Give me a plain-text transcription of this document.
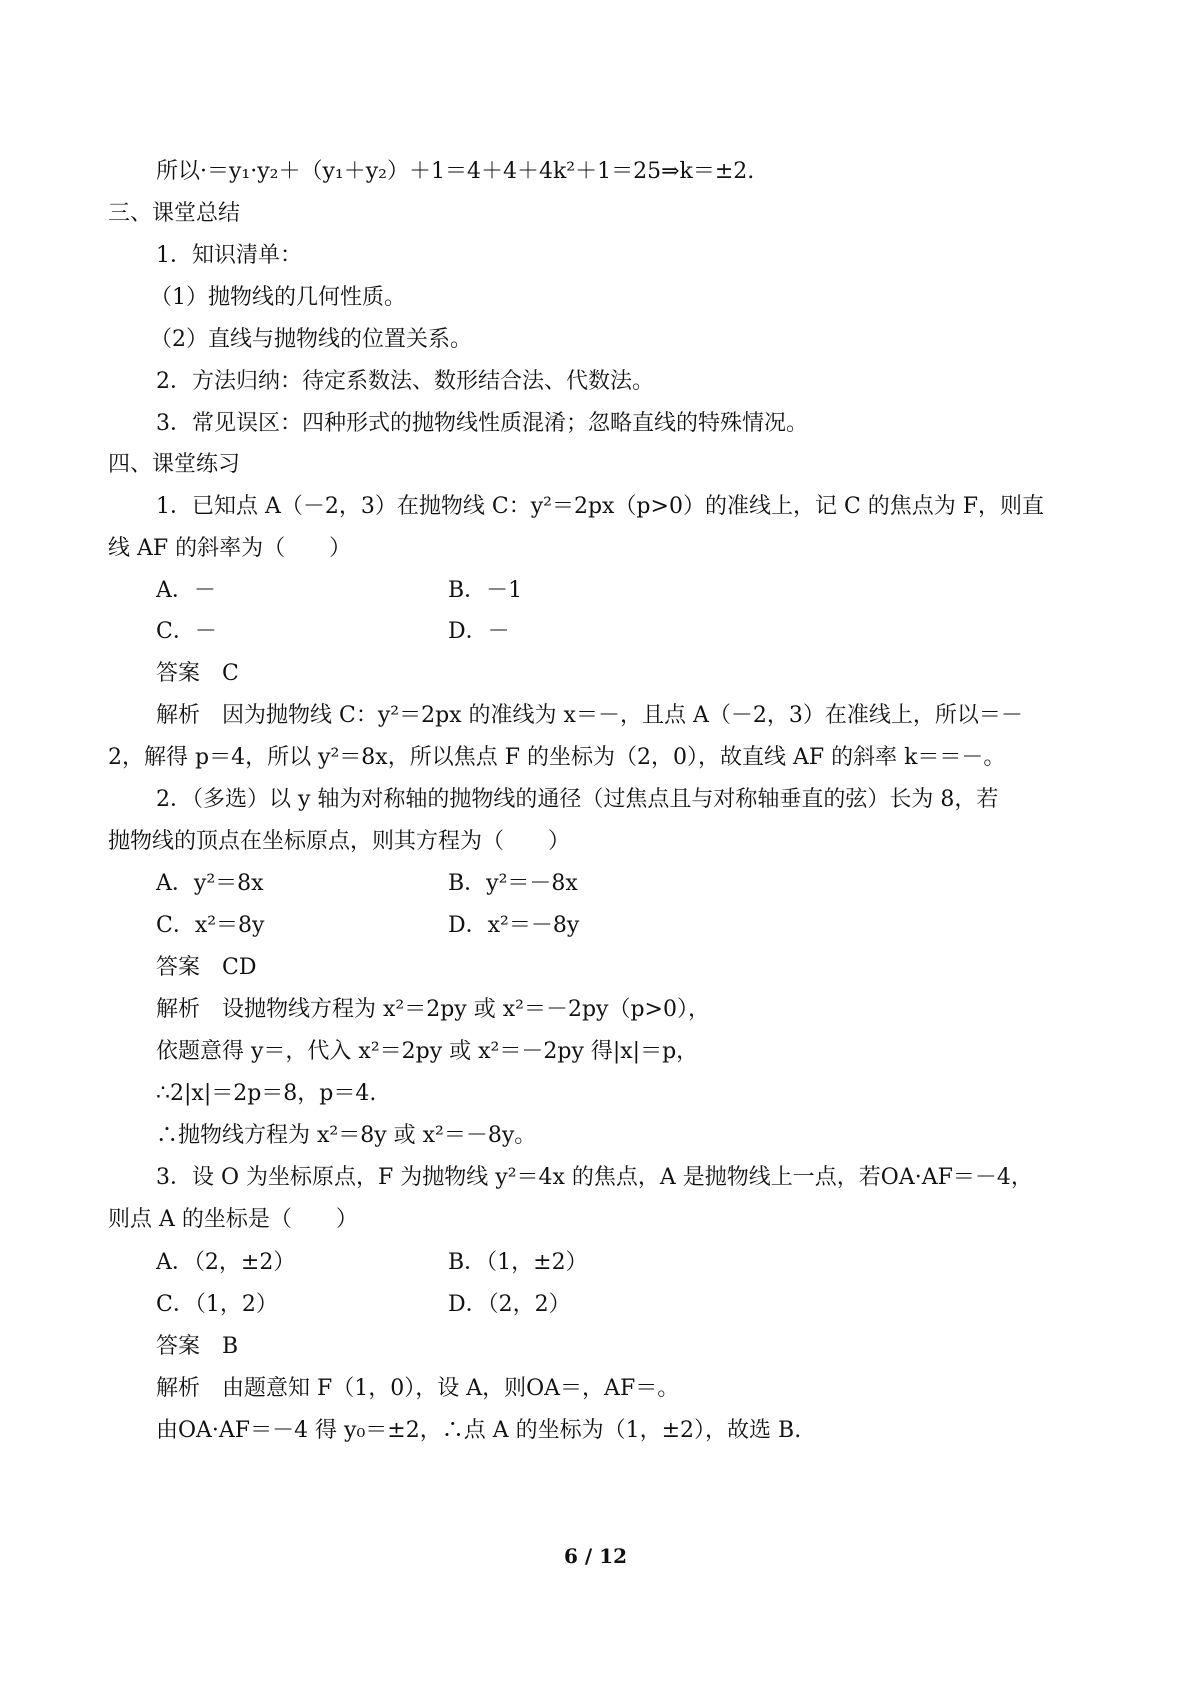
所以·＝y₁·y₂＋（y₁＋y₂）＋1＝4＋4＋4k²＋1＝25⇒k＝±2.
三、课堂总结
1．知识清单：
（1）抛物线的几何性质。
（2）直线与抛物线的位置关系。
2．方法归纳：待定系数法、数形结合法、代数法。
3．常见误区：四种形式的抛物线性质混淆；忽略直线的特殊情况。
四、课堂练习
1．已知点 A（－2，3）在抛物线 C：y²＝2px（p>0）的准线上，记 C 的焦点为 F，则直
线 AF 的斜率为（　　）
A．－	B．－1
C．－	D．－
答案　C
解析　因为抛物线 C：y²＝2px 的准线为 x＝－，且点 A（－2，3）在准线上，所以＝－
2，解得 p＝4，所以 y²＝8x，所以焦点 F 的坐标为（2，0），故直线 AF 的斜率 k＝＝－。
2．（多选）以 y 轴为对称轴的抛物线的通径（过焦点且与对称轴垂直的弦）长为 8，若
抛物线的顶点在坐标原点，则其方程为（　　）
A．y²＝8x	B．y²＝－8x
C．x²＝8y	D．x²＝－8y
答案　CD
解析　设抛物线方程为 x²＝2py 或 x²＝－2py（p>0），
依题意得 y＝，代入 x²＝2py 或 x²＝－2py 得|x|＝p，
∴2|x|＝2p＝8，p＝4.
∴抛物线方程为 x²＝8y 或 x²＝－8y。
3．设 O 为坐标原点，F 为抛物线 y²＝4x 的焦点，A 是抛物线上一点，若OA·AF＝－4，
则点 A 的坐标是（　　）
A．（2，±2）	B．（1，±2）
C．（1，2）	D．（2，2）
答案　B
解析　由题意知 F（1，0），设 A，则OA＝，AF＝。
由OA·AF＝－4 得 y₀＝±2，∴点 A 的坐标为（1，±2），故选 B.
6 / 12
